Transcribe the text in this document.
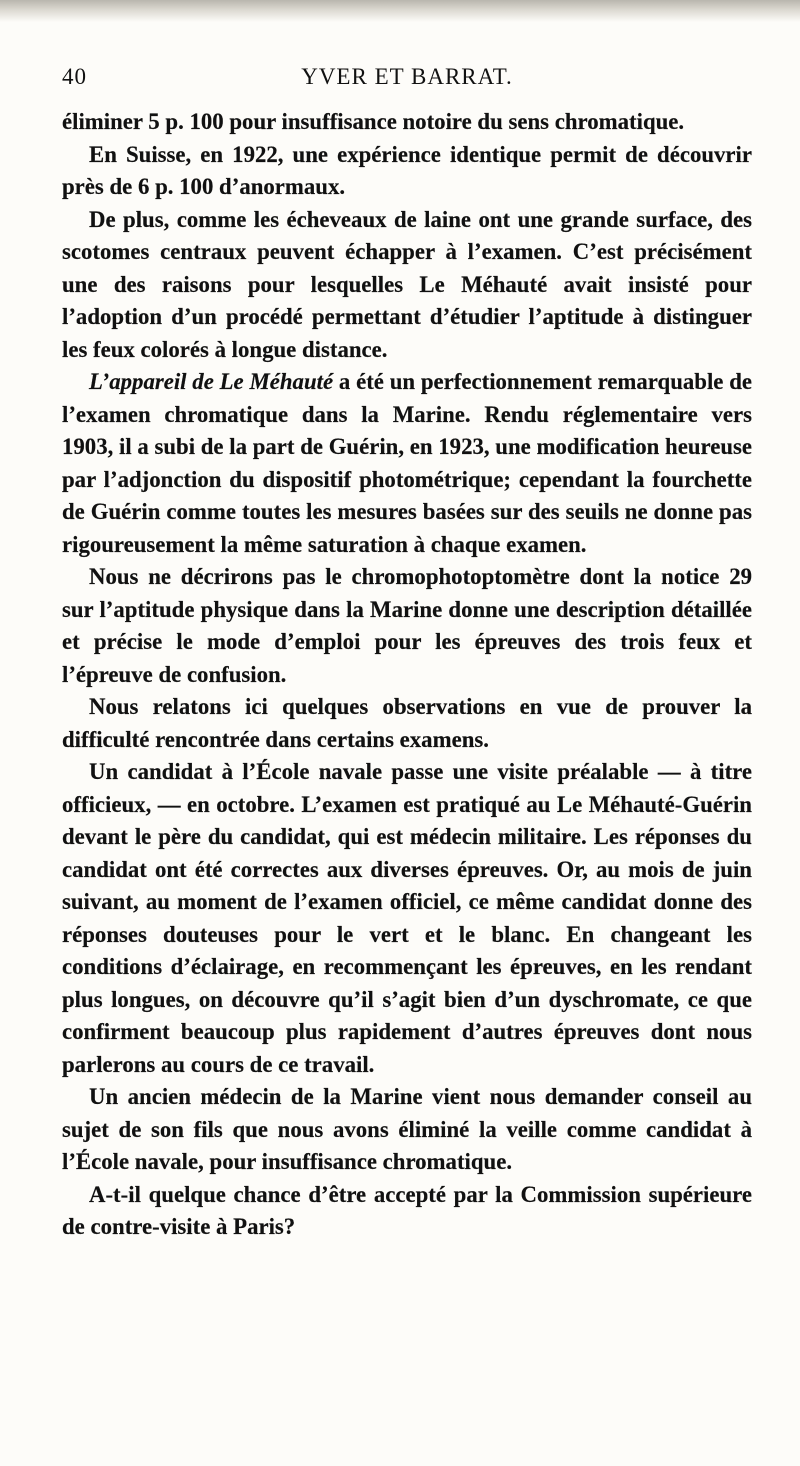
40	YVER ET BARRAT.

éliminer 5 p. 100 pour insuffisance notoire du sens chromatique.

En Suisse, en 1922, une expérience identique permit de découvrir près de 6 p. 100 d’anormaux.

De plus, comme les écheveaux de laine ont une grande surface, des scotomes centraux peuvent échapper à l’examen. C’est précisément une des raisons pour lesquelles Le Méhauté avait insisté pour l’adoption d’un procédé permettant d’étudier l’aptitude à distinguer les feux colorés à longue distance.

L’appareil de Le Méhauté a été un perfectionnement remarquable de l’examen chromatique dans la Marine. Rendu réglementaire vers 1903, il a subi de la part de Guérin, en 1923, une modification heureuse par l’adjonction du dispositif photométrique; cependant la fourchette de Guérin comme toutes les mesures basées sur des seuils ne donne pas rigoureusement la même saturation à chaque examen.

Nous ne décrirons pas le chromophotoptomètre dont la notice 29 sur l’aptitude physique dans la Marine donne une description détaillée et précise le mode d’emploi pour les épreuves des trois feux et l’épreuve de confusion.

Nous relatons ici quelques observations en vue de prouver la difficulté rencontrée dans certains examens.

Un candidat à l’École navale passe une visite préalable — à titre officieux, — en octobre. L’examen est pratiqué au Le Méhauté-Guérin devant le père du candidat, qui est médecin militaire. Les réponses du candidat ont été correctes aux diverses épreuves. Or, au mois de juin suivant, au moment de l’examen officiel, ce même candidat donne des réponses douteuses pour le vert et le blanc. En changeant les conditions d’éclairage, en recommençant les épreuves, en les rendant plus longues, on découvre qu’il s’agit bien d’un dyschromate, ce que confirment beaucoup plus rapidement d’autres épreuves dont nous parlerons au cours de ce travail.

Un ancien médecin de la Marine vient nous demander conseil au sujet de son fils que nous avons éliminé la veille comme candidat à l’École navale, pour insuffisance chromatique.

A-t-il quelque chance d’être accepté par la Commission supérieure de contre-visite à Paris?
